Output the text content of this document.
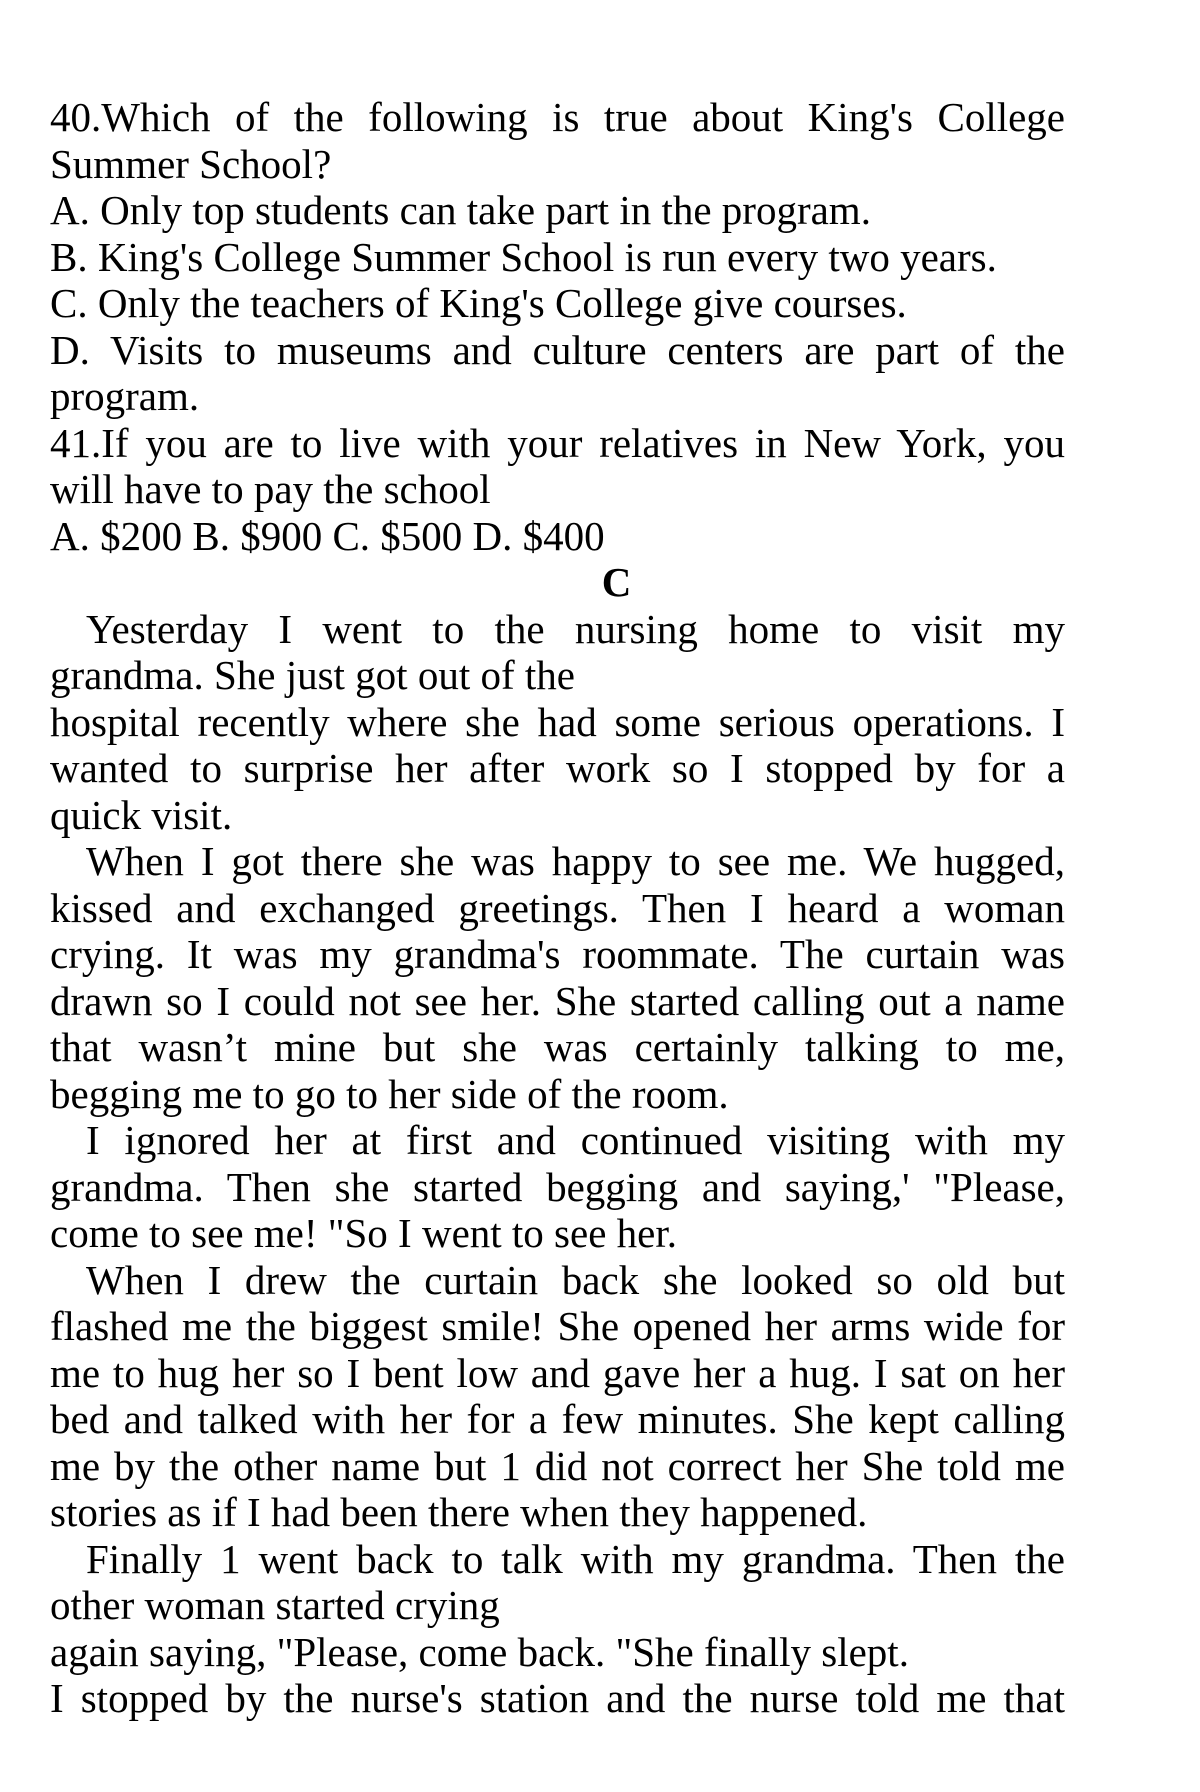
40.Which of the following is true about King's College
Summer School?
A. Only top students can take part in the program.
B. King's College Summer School is run every two years.
C. Only the teachers of King's College give courses.
D. Visits to museums and culture centers are part of the
program.
41.If you are to live with your relatives in New York, you
will have to pay the school
A. $200 B. $900 C. $500 D. $400
C
Yesterday I went to the nursing home to visit my
grandma. She just got out of the
hospital recently where she had some serious operations. I
wanted to surprise her after work so I stopped by for a
quick visit.
When I got there she was happy to see me. We hugged,
kissed and exchanged greetings. Then I heard a woman
crying. It was my grandma's roommate. The curtain was
drawn so I could not see her. She started calling out a name
that wasn’t mine but she was certainly talking to me,
begging me to go to her side of the room.
I ignored her at first and continued visiting with my
grandma. Then she started begging and saying,' "Please,
come to see me! "So I went to see her.
When I drew the curtain back she looked so old but
flashed me the biggest smile! She opened her arms wide for
me to hug her so I bent low and gave her a hug. I sat on her
bed and talked with her for a few minutes. She kept calling
me by the other name but 1 did not correct her She told me
stories as if I had been there when they happened.
Finally 1 went back to talk with my grandma. Then the
other woman started crying
again saying, "Please, come back. "She finally slept.
I stopped by the nurse's station and the nurse told me that
